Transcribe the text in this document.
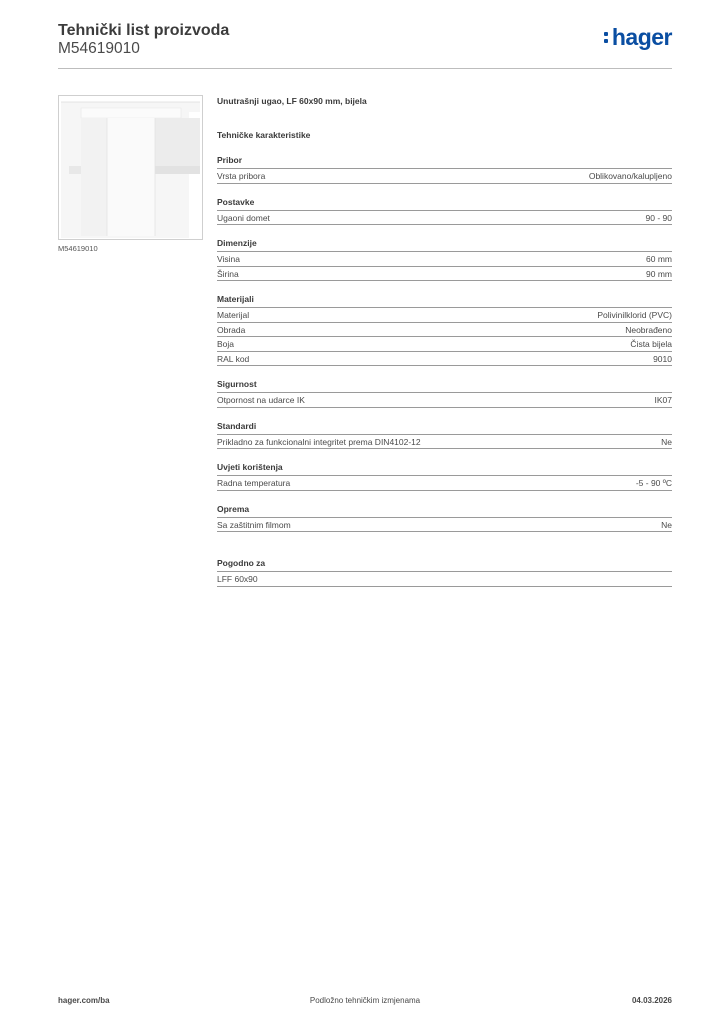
Tehnički list proizvoda
M54619010	hager
M54619010
Unutrašnji ugao, LF 60x90 mm, bijela
Tehničke karakteristike
Pribor
Vrsta pribora	Oblikovano/kalupljeno
Postavke
Ugaoni domet	90 - 90
Dimenzije
Visina	60 mm
Širina	90 mm
Materijali
Materijal	Polivinilklorid (PVC)
Obrada	Neobrađeno
Boja	Čista bijela
RAL kod	9010
Sigurnost
Otpornost na udarce IK	IK07
Standardi
Prikladno za funkcionalni integritet prema DIN4102-12	Ne
Uvjeti korištenja
Radna temperatura	-5 - 90 ºC
Oprema
Sa zaštitnim filmom	Ne
Pogodno za
LFF 60x90
hager.com/ba	Podložno tehničkim izmjenama	04.03.2026
